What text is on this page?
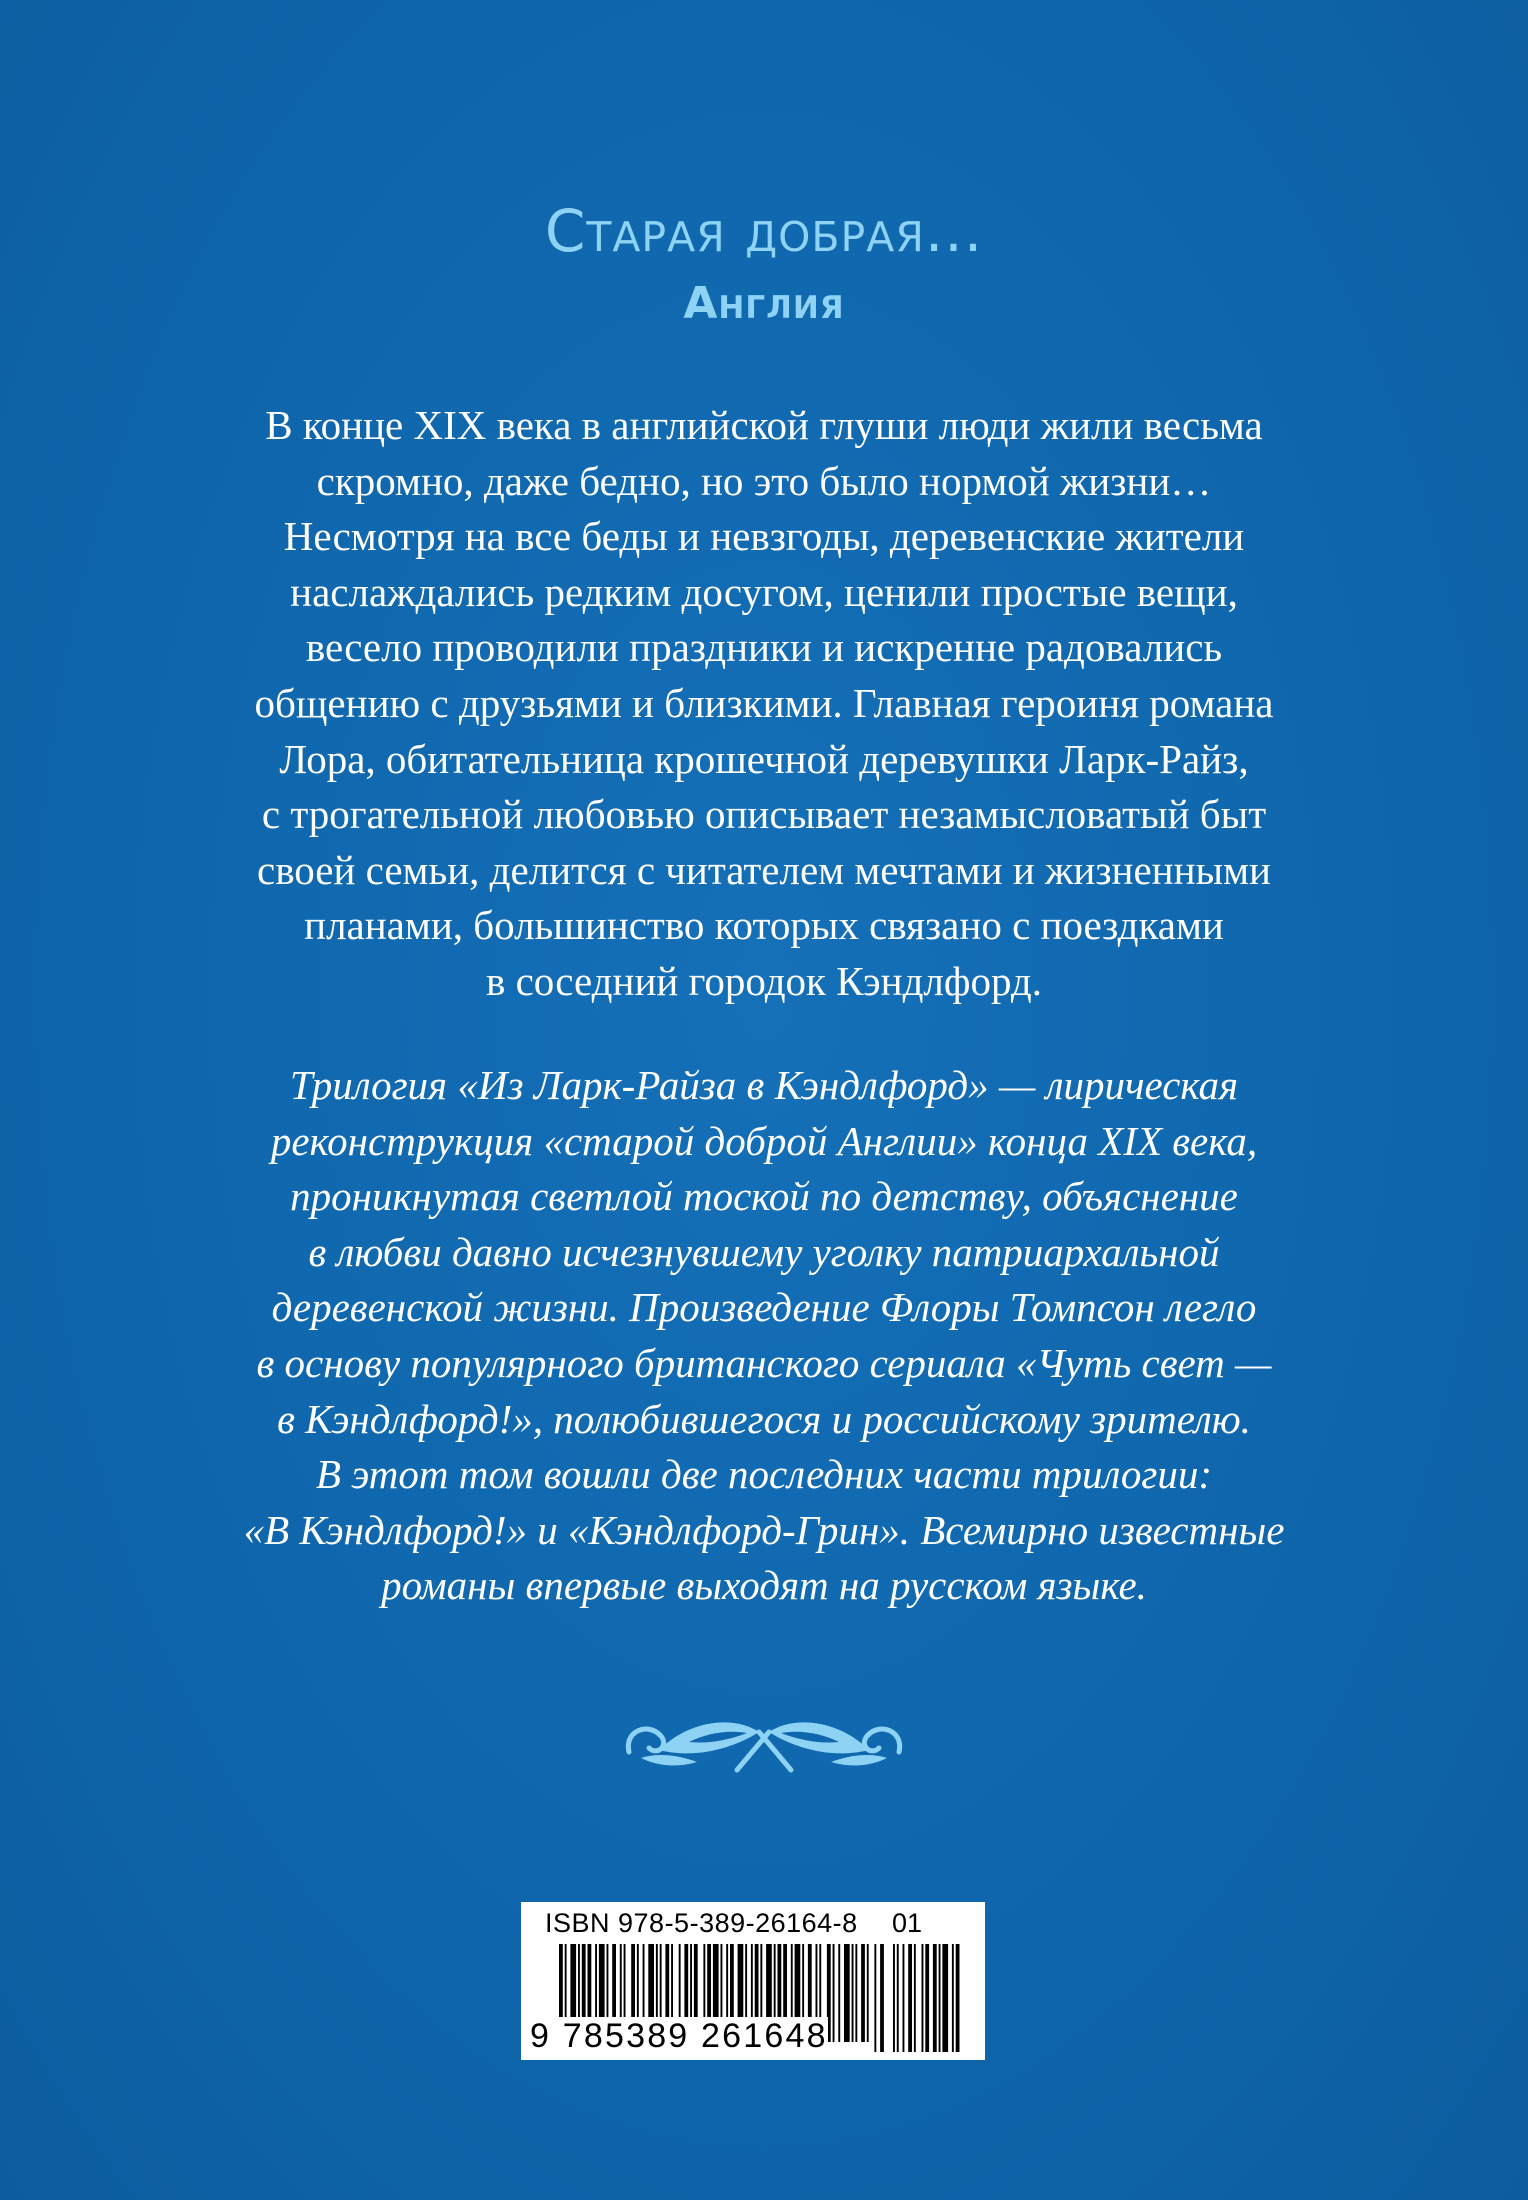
Старая добрая...
Англия
В конце XIX века в английской глуши люди жили весьма
скромно, даже бедно, но это было нормой жизни…
Несмотря на все беды и невзгоды, деревенские жители
наслаждались редким досугом, ценили простые вещи,
весело проводили праздники и искренне радовались
общению с друзьями и близкими. Главная героиня романа
Лора, обитательница крошечной деревушки Ларк-Райз,
с трогательной любовью описывает незамысловатый быт
своей семьи, делится с читателем мечтами и жизненными
планами, большинство которых связано с поездками
в соседний городок Кэндлфорд.
Трилогия «Из Ларк-Райза в Кэндлфорд» — лирическая
реконструкция «старой доброй Англии» конца XIX века,
проникнутая светлой тоской по детству, объяснение
в любви давно исчезнувшему уголку патриархальной
деревенской жизни. Произведение Флоры Томпсон легло
в основу популярного британского сериала «Чуть свет —
в Кэндлфорд!», полюбившегося и российскому зрителю.
В этот том вошли две последних части трилогии:
«В Кэндлфорд!» и «Кэндлфорд-Грин». Всемирно известные
романы впервые выходят на русском языке.
ISBN 978-5-389-26164-8 01
9 785389 261648
